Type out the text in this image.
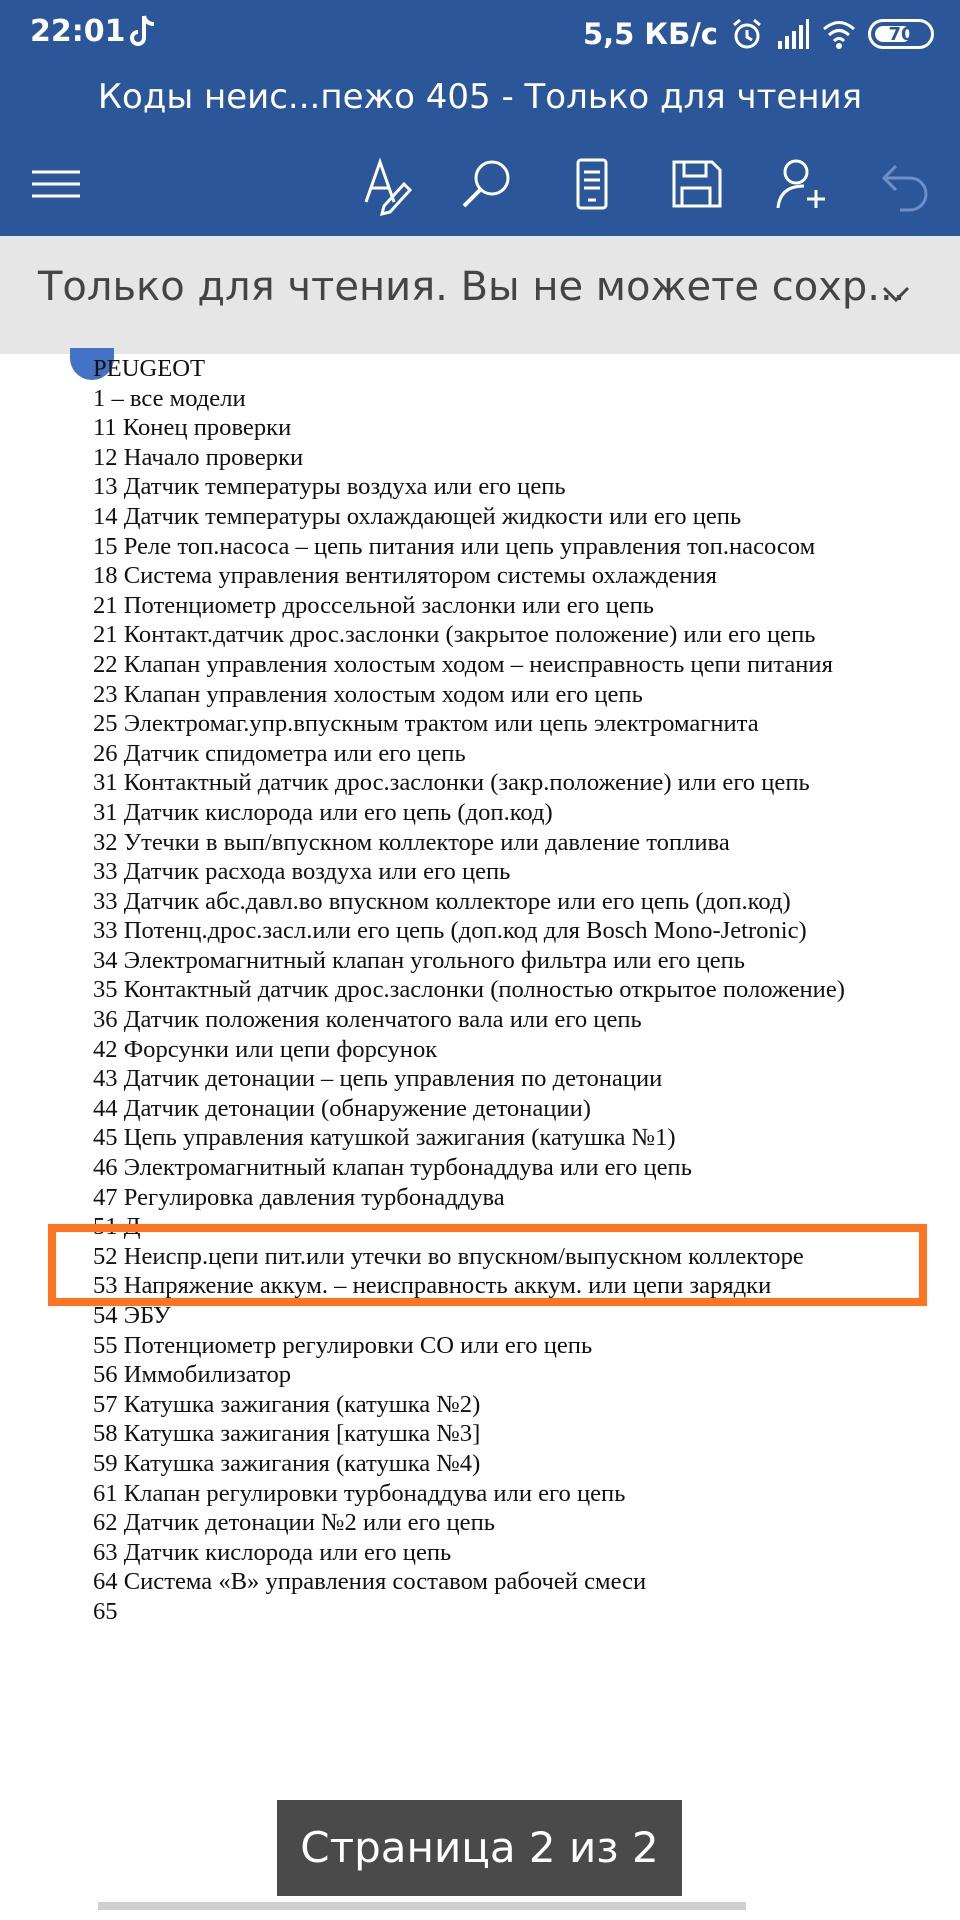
22:01	5,5 КБ/с	70
Коды неис...пежо 405 - Только для чтения
Только для чтения. Вы не можете сохр...
PEUGEOT
1 – все модели
11 Конец проверки
12 Начало проверки
13 Датчик температуры воздуха или его цепь
14 Датчик температуры охлаждающей жидкости или его цепь
15 Реле топ.насоса – цепь питания или цепь управления топ.насосом
18 Система управления вентилятором системы охлаждения
21 Потенциометр дроссельной заслонки или его цепь
21 Контакт.датчик дрос.заслонки (закрытое положение) или его цепь
22 Клапан управления холостым ходом – неисправность цепи питания
23 Клапан управления холостым ходом или его цепь
25 Электромаг.упр.впускным трактом или цепь электромагнита
26 Датчик спидометра или его цепь
31 Контактный датчик дрос.заслонки (закр.положение) или его цепь
31 Датчик кислорода или его цепь (доп.код)
32 Утечки в вып/впускном коллекторе или давление топлива
33 Датчик расхода воздуха или его цепь
33 Датчик абс.давл.во впускном коллекторе или его цепь (доп.код)
33 Потенц.дрос.засл.или его цепь (доп.код для Bosch Mono-Jetronic)
34 Электромагнитный клапан угольного фильтра или его цепь
35 Контактный датчик дрос.заслонки (полностью открытое положение)
36 Датчик положения коленчатого вала или его цепь
42 Форсунки или цепи форсунок
43 Датчик детонации – цепь управления по детонации
44 Датчик детонации (обнаружение детонации)
45 Цепь управления катушкой зажигания (катушка №1)
46 Электромагнитный клапан турбонаддува или его цепь
47 Регулировка давления турбонаддува
51 Д
52 Неиспр.цепи пит.или утечки во впускном/выпускном коллекторе
53 Напряжение аккум. – неисправность аккум. или цепи зарядки
54 ЭБУ
55 Потенциометр регулировки СО или его цепь
56 Иммобилизатор
57 Катушка зажигания (катушка №2)
58 Катушка зажигания [катушка №3]
59 Катушка зажигания (катушка №4)
61 Клапан регулировки турбонаддува или его цепь
62 Датчик детонации №2 или его цепь
63 Датчик кислорода или его цепь
64 Система «В» управления составом рабочей смеси
65
Страница 2 из 2
